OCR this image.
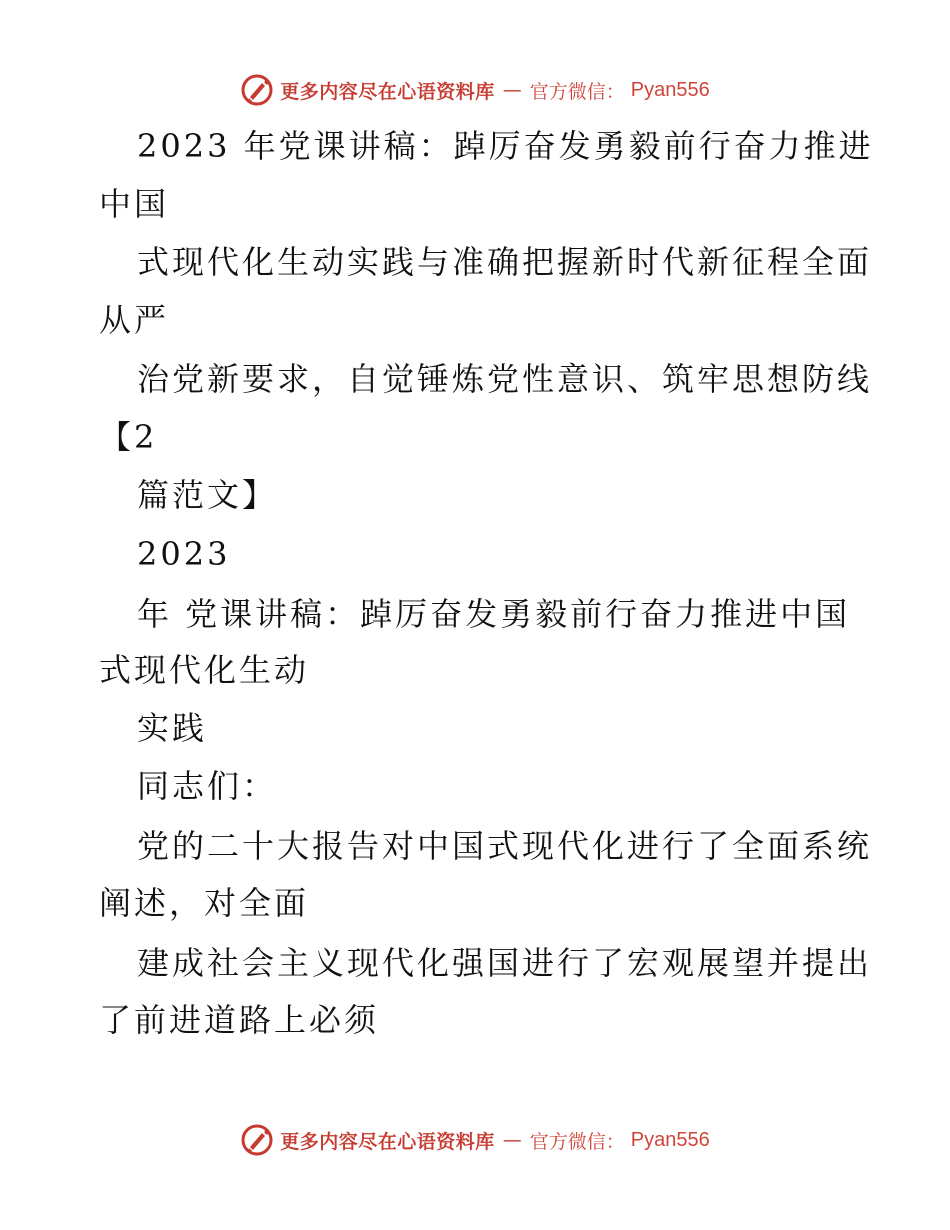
更多内容尽在心语资料库 — 官方微信： Pyan556
2023 年党课讲稿：踔厉奋发勇毅前行奋力推进
中国
式现代化生动实践与准确把握新时代新征程全面
从严
治党新要求，自觉锤炼党性意识、筑牢思想防线
【2
篇范文】
2023
年 党课讲稿：踔厉奋发勇毅前行奋力推进中国
式现代化生动
实践
同志们：
党的二十大报告对中国式现代化进行了全面系统
阐述，对全面
建成社会主义现代化强国进行了宏观展望并提出
了前进道路上必须
更多内容尽在心语资料库 — 官方微信： Pyan556
